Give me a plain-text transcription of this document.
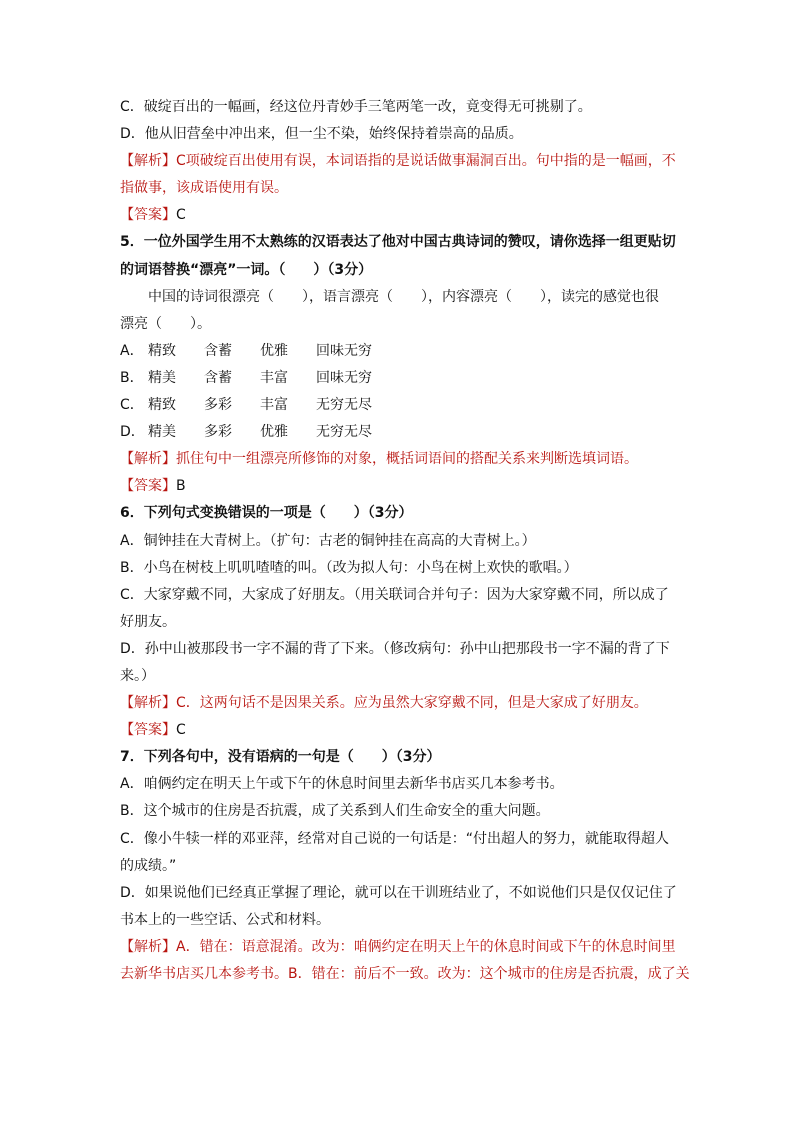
C．破绽百出的一幅画，经这位丹青妙手三笔两笔一改，竟变得无可挑剔了。
D．他从旧营垒中冲出来，但一尘不染，始终保持着崇高的品质。
【解析】C项破绽百出使用有误，本词语指的是说话做事漏洞百出。句中指的是一幅画，不
指做事，该成语使用有误。
【答案】C
5．一位外国学生用不太熟练的汉语表达了他对中国古典诗词的赞叹，请你选择一组更贴切
的词语替换“漂亮”一词。（　　）（3分）
中国的诗词很漂亮（　　），语言漂亮（　　），内容漂亮（　　），读完的感觉也很
漂亮（　　）。
A． 精致 含蓄 优雅 回味无穷
B． 精美 含蓄 丰富 回味无穷
C． 精致 多彩 丰富 无穷无尽
D． 精美 多彩 优雅 无穷无尽
【解析】抓住句中一组漂亮所修饰的对象，概括词语间的搭配关系来判断选填词语。
【答案】B
6．下列句式变换错误的一项是（　　）（3分）
A．铜钟挂在大青树上。（扩句：古老的铜钟挂在高高的大青树上。）
B．小鸟在树枝上叽叽喳喳的叫。（改为拟人句：小鸟在树上欢快的歌唱。）
C．大家穿戴不同，大家成了好朋友。（用关联词合并句子：因为大家穿戴不同，所以成了
好朋友。
D．孙中山被那段书一字不漏的背了下来。（修改病句：孙中山把那段书一字不漏的背了下
来。）
【解析】C．这两句话不是因果关系。应为虽然大家穿戴不同，但是大家成了好朋友。
【答案】C
7．下列各句中，没有语病的一句是（　　）（3分）
A．咱俩约定在明天上午或下午的休息时间里去新华书店买几本参考书。
B．这个城市的住房是否抗震，成了关系到人们生命安全的重大问题。
C．像小牛犊一样的邓亚萍，经常对自己说的一句话是：“付出超人的努力，就能取得超人
的成绩。”
D．如果说他们已经真正掌握了理论，就可以在干训班结业了，不如说他们只是仅仅记住了
书本上的一些空话、公式和材料。
【解析】A．错在：语意混淆。改为：咱俩约定在明天上午的休息时间或下午的休息时间里
去新华书店买几本参考书。B．错在：前后不一致。改为：这个城市的住房是否抗震，成了关
